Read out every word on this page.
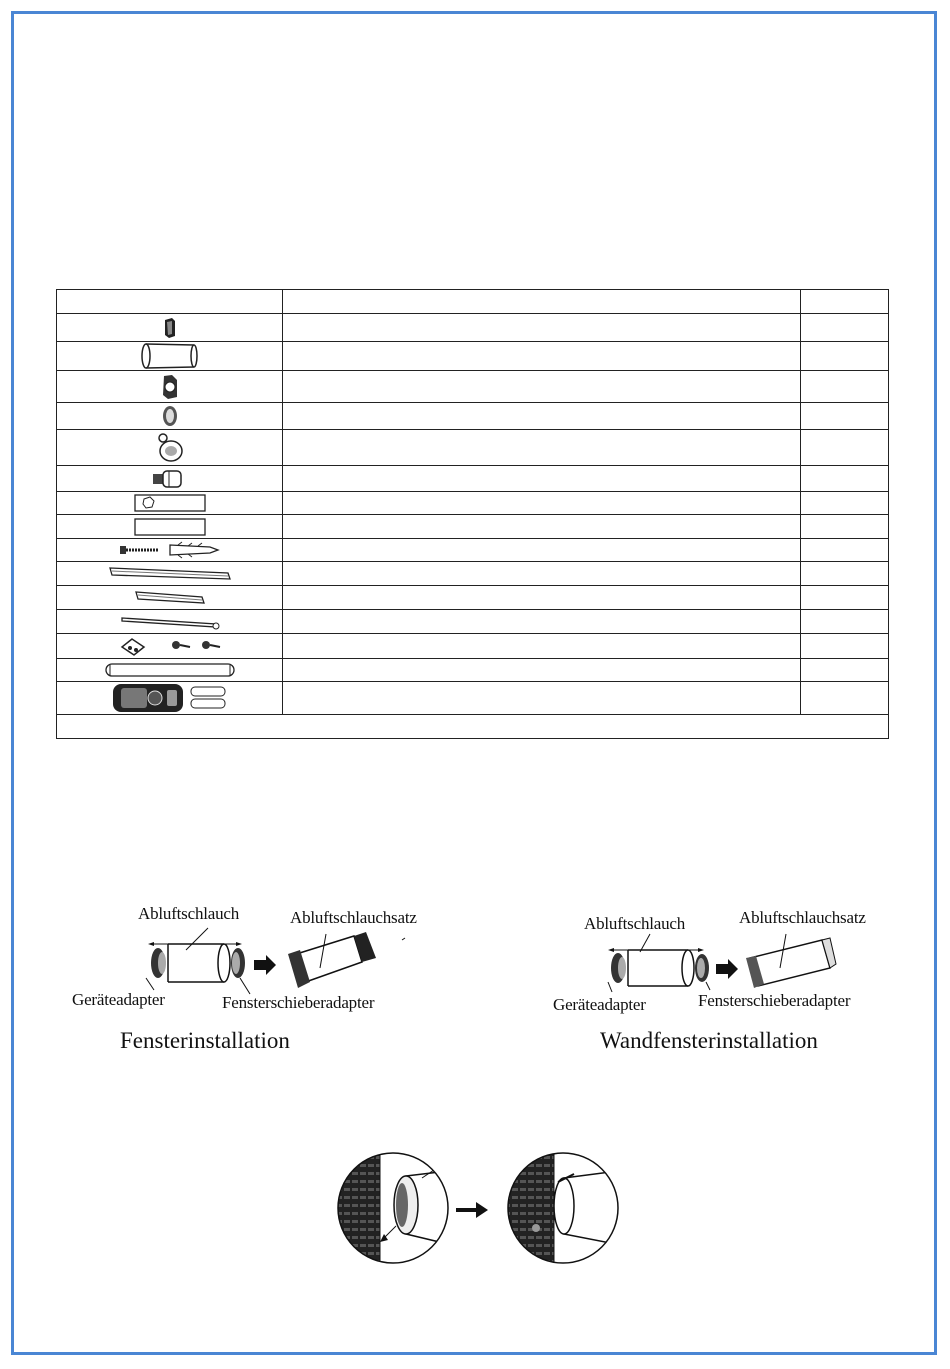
Abluftschlauch	Abluftschlauchsatz
Geräteadapter	Fensterschieberadapter
Fensterinstallation
Abluftschlauch	Abluftschlauchsatz
Geräteadapter	Fensterschieberadapter
Wandfensterinstallation
